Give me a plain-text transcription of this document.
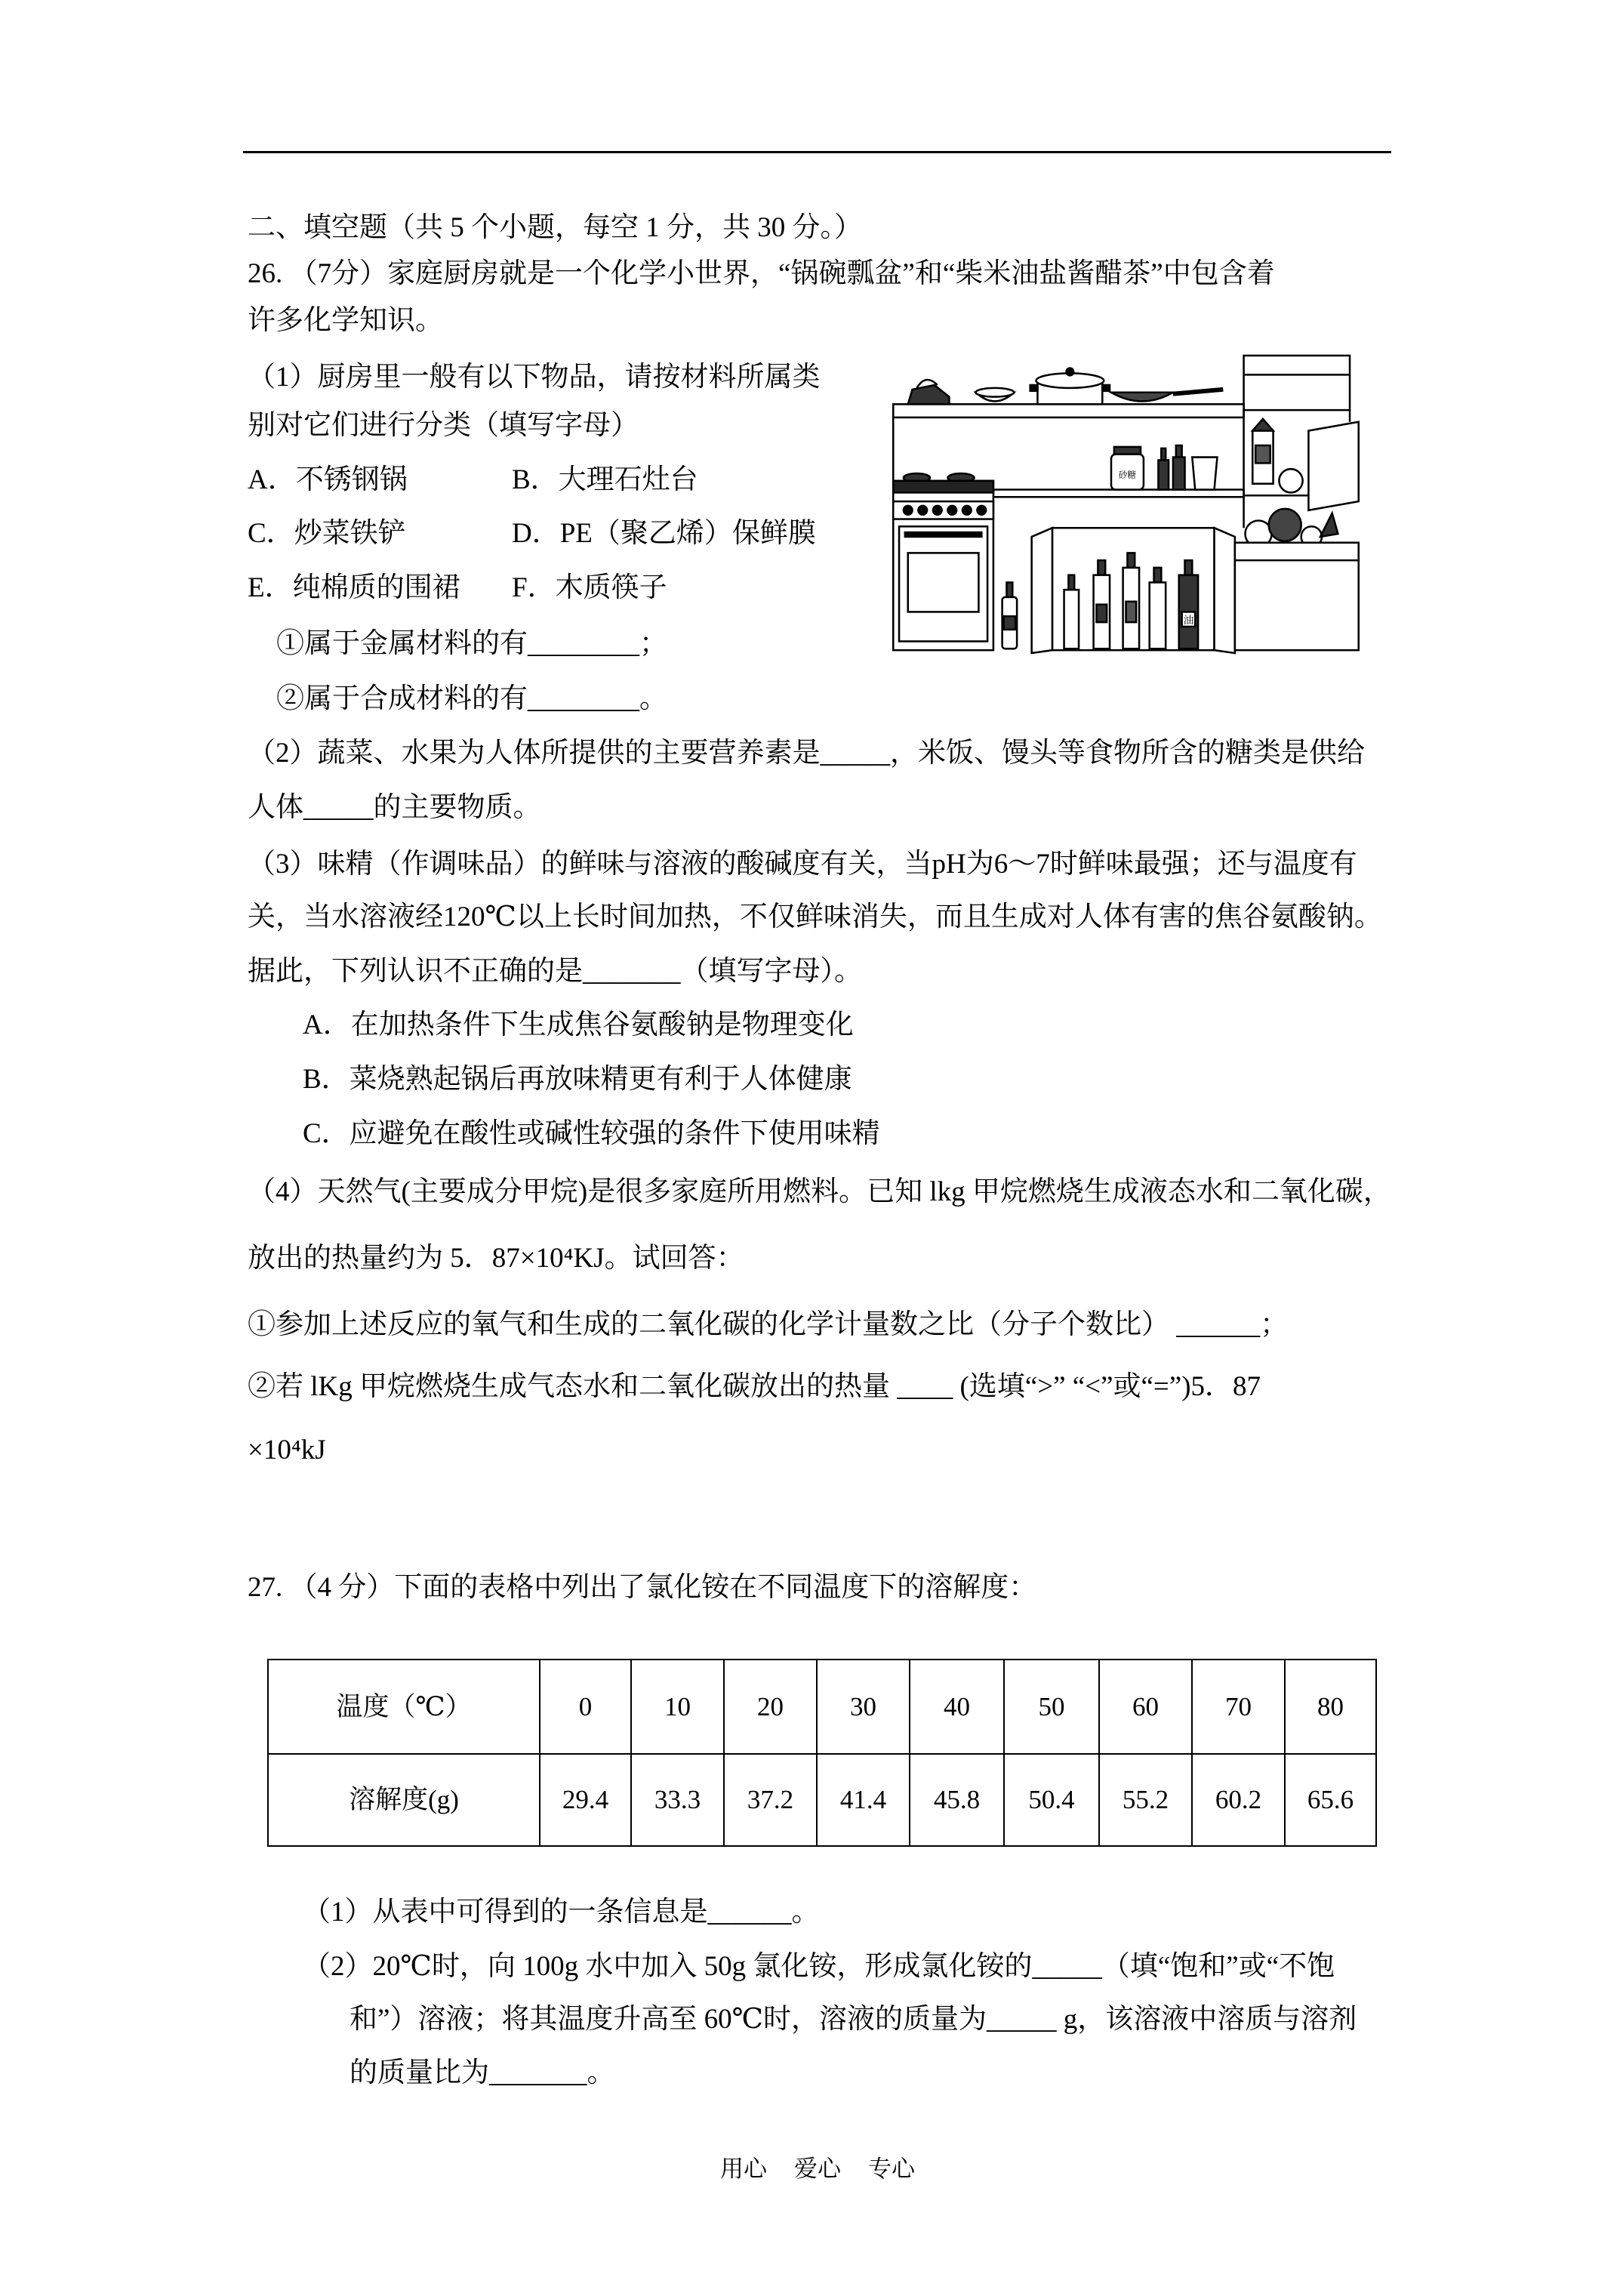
二、填空题（共 5 个小题，每空 1 分，共 30 分。）
26. （7分）家庭厨房就是一个化学小世界，“锅碗瓢盆”和“柴米油盐酱醋茶”中包含着
许多化学知识。
（1）厨房里一般有以下物品，请按材料所属类
别对它们进行分类（填写字母）
A．不锈钢锅	B．大理石灶台
C．炒菜铁铲	D．PE（聚乙烯）保鲜膜
E．纯棉质的围裙 F．木质筷子
①属于金属材料的有________；
②属于合成材料的有________。
砂糖
油
（2）蔬菜、水果为人体所提供的主要营养素是_____，米饭、馒头等食物所含的糖类是供给
人体_____的主要物质。
（3）味精（作调味品）的鲜味与溶液的酸碱度有关，当pH为6～7时鲜味最强；还与温度有
关，当水溶液经120℃以上长时间加热，不仅鲜味消失，而且生成对人体有害的焦谷氨酸钠。
据此，下列认识不正确的是_______（填写字母）。
A．在加热条件下生成焦谷氨酸钠是物理变化
B．菜烧熟起锅后再放味精更有利于人体健康
C．应避免在酸性或碱性较强的条件下使用味精
（4）天然气(主要成分甲烷)是很多家庭所用燃料。已知 lkg 甲烷燃烧生成液态水和二氧化碳，
放出的热量约为 5．87×10⁴KJ。试回答：
①参加上述反应的氧气和生成的二氧化碳的化学计量数之比（分子个数比） ______；
②若 lKg 甲烷燃烧生成气态水和二氧化碳放出的热量 ____ (选填“>” “<”或“=”)5．87
×10⁴kJ
27. （4 分）下面的表格中列出了氯化铵在不同温度下的溶解度：
温度（℃）	0	10	20	30	40	50	60	70	80
溶解度(g)	29.4	33.3	37.2	41.4	45.8	50.4	55.2	60.2	65.6
（1）从表中可得到的一条信息是______。
（2）20℃时，向 100g 水中加入 50g 氯化铵，形成氯化铵的_____（填“饱和”或“不饱
和”）溶液；将其温度升高至 60℃时，溶液的质量为_____ g，该溶液中溶质与溶剂
的质量比为_______。
用心 爱心 专心
